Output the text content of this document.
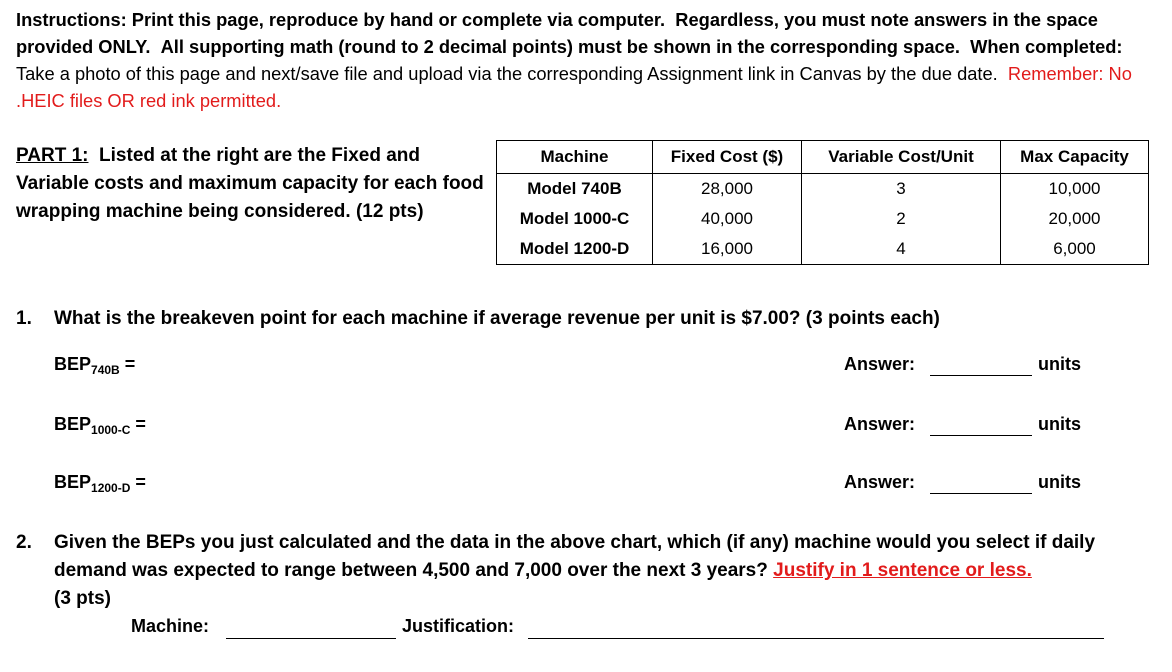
Instructions: Print this page, reproduce by hand or complete via computer. Regardless, you must note answers in the space provided ONLY. All supporting math (round to 2 decimal points) must be shown in the corresponding space. When completed:  Take a photo of this page and next/save file and upload via the corresponding Assignment link in Canvas by the due date. Remember: No .HEIC files OR red ink permitted.
PART 1: Listed at the right are the Fixed and Variable costs and maximum capacity for each food wrapping machine being considered. (12 pts)
Machine	Fixed Cost ($)	Variable Cost/Unit	Max Capacity
Model 740B	28,000	3	10,000
Model 1000-C	40,000	2	20,000
Model 1200-D	16,000	4	6,000
1. What is the breakeven point for each machine if average revenue per unit is $7.00? (3 points each)
$BEP_{740B}$ =	Answer:	units
$BEP_{1000-C}$ =	Answer:	units
$BEP_{1200-D}$ =	Answer:	units
2. Given the BEPs you just calculated and the data in the above chart, which (if any) machine would you select if daily demand was expected to range between 4,500 and 7,000 over the next 3 years? Justify in 1 sentence or less.
(3 pts)
Machine:	Justification:
